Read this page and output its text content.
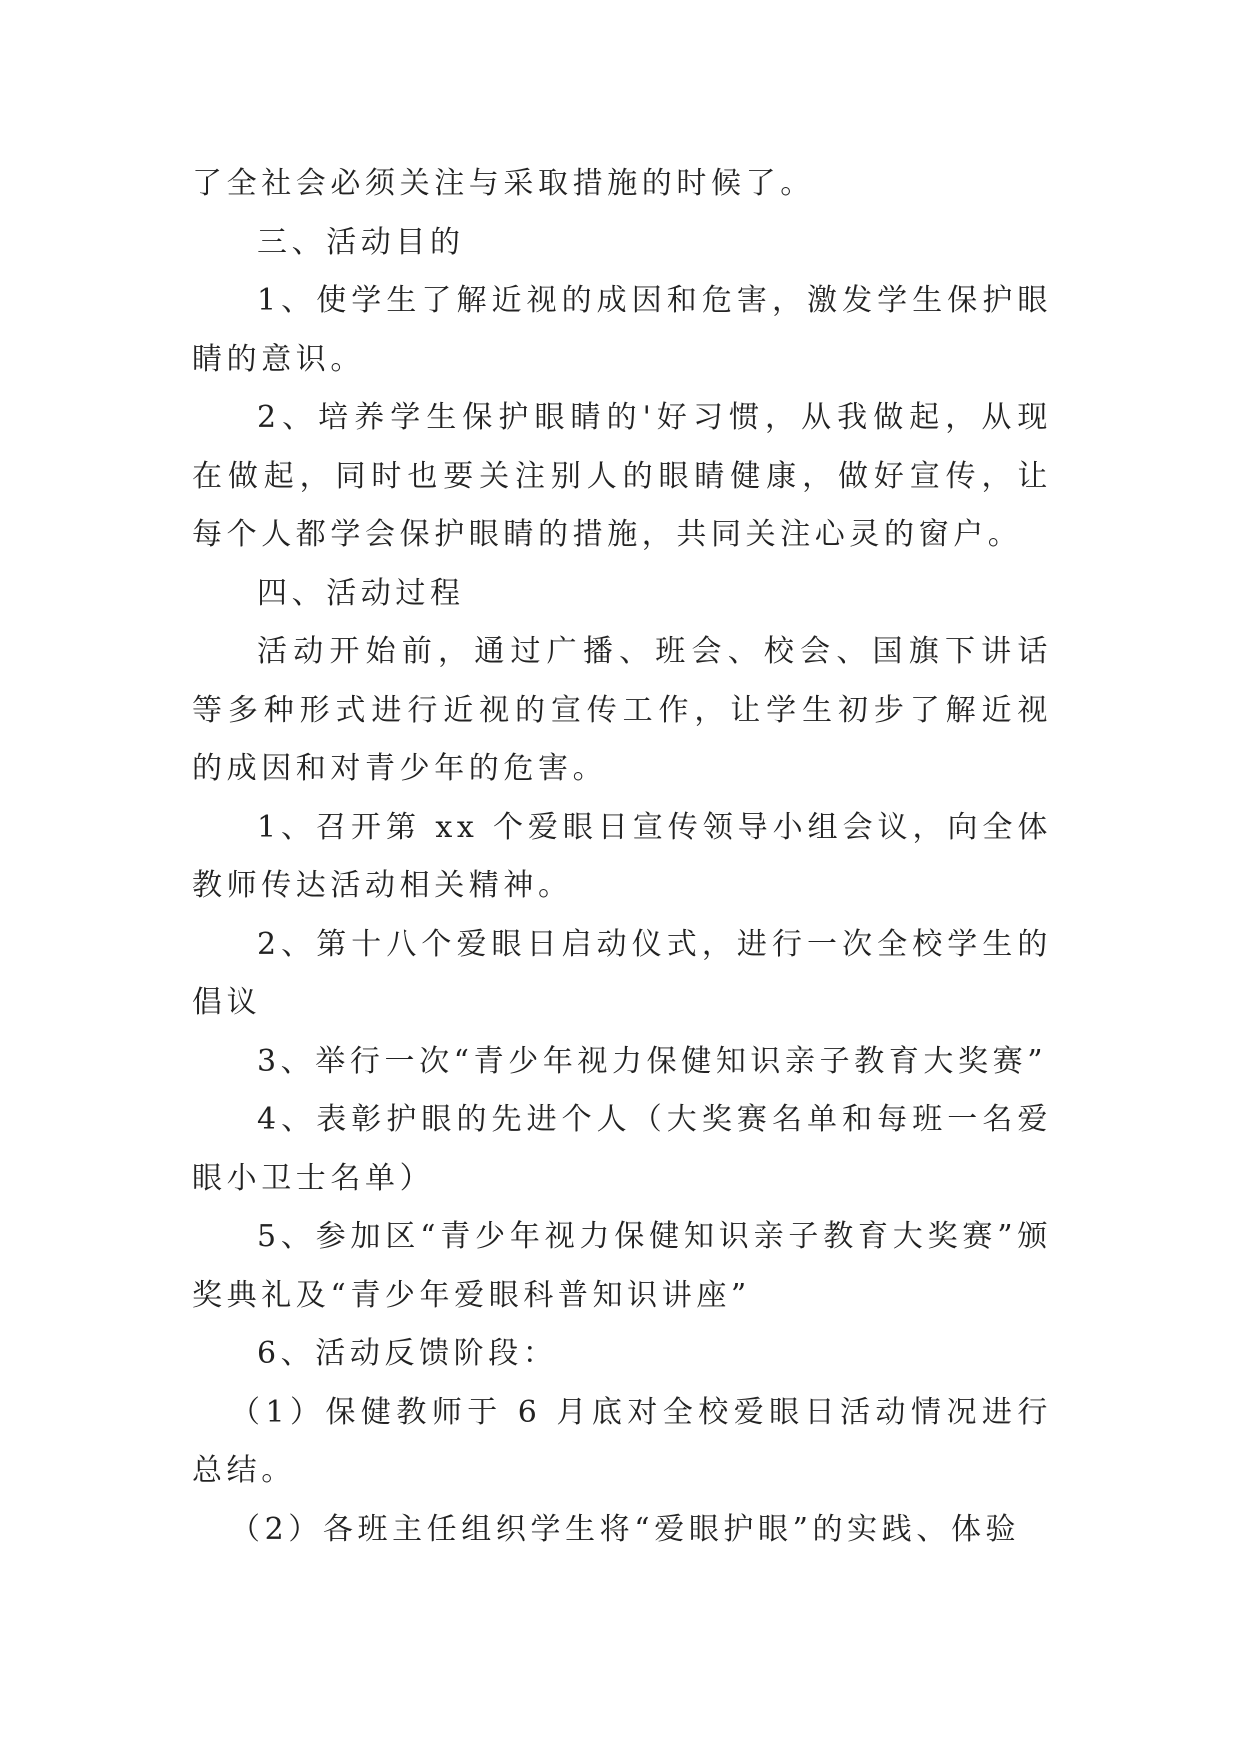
了全社会必须关注与采取措施的时候了。

三、活动目的

1、使学生了解近视的成因和危害，激发学生保护眼睛的意识。

2、培养学生保护眼睛的'好习惯，从我做起，从现在做起，同时也要关注别人的眼睛健康，做好宣传，让每个人都学会保护眼睛的措施，共同关注心灵的窗户。

四、活动过程

活动开始前，通过广播、班会、校会、国旗下讲话等多种形式进行近视的宣传工作，让学生初步了解近视的成因和对青少年的危害。

1、召开第 xx 个爱眼日宣传领导小组会议，向全体教师传达活动相关精神。

2、第十八个爱眼日启动仪式，进行一次全校学生的倡议

3、举行一次“青少年视力保健知识亲子教育大奖赛”

4、表彰护眼的先进个人（大奖赛名单和每班一名爱眼小卫士名单）

5、参加区“青少年视力保健知识亲子教育大奖赛”颁奖典礼及“青少年爱眼科普知识讲座”

6、活动反馈阶段：

（1）保健教师于 6 月底对全校爱眼日活动情况进行总结。

（2）各班主任组织学生将“爱眼护眼”的实践、体验
